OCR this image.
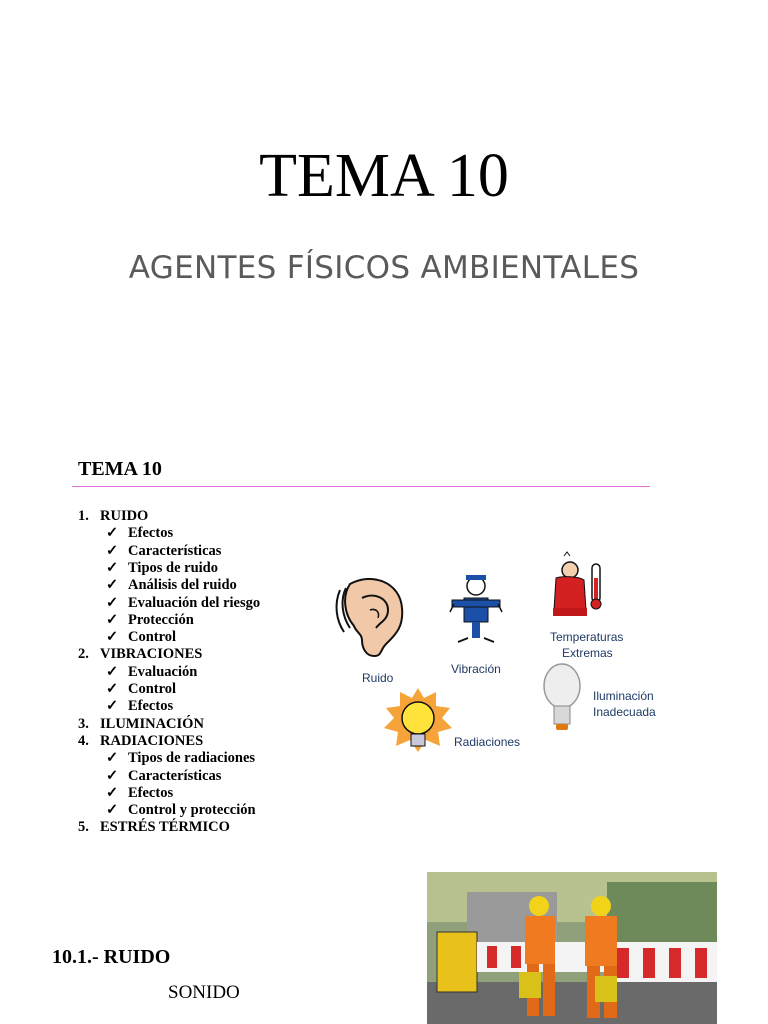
TEMA 10
AGENTES FÍSICOS AMBIENTALES
TEMA 10
1. RUIDO
✓ Efectos
✓ Características
✓ Tipos de ruido
✓ Análisis del ruido
✓ Evaluación del riesgo
✓ Protección
✓ Control
2. VIBRACIONES
✓ Evaluación
✓ Control
✓ Efectos
3. ILUMINACIÓN
4. RADIACIONES
✓ Tipos de radiaciones
✓ Características
✓ Efectos
✓ Control y protección
5. ESTRÉS TÉRMICO
Ruido
Vibración
Temperaturas
Extremas
Iluminación
Inadecuada
Radiaciones
10.1.- RUIDO
SONIDO
